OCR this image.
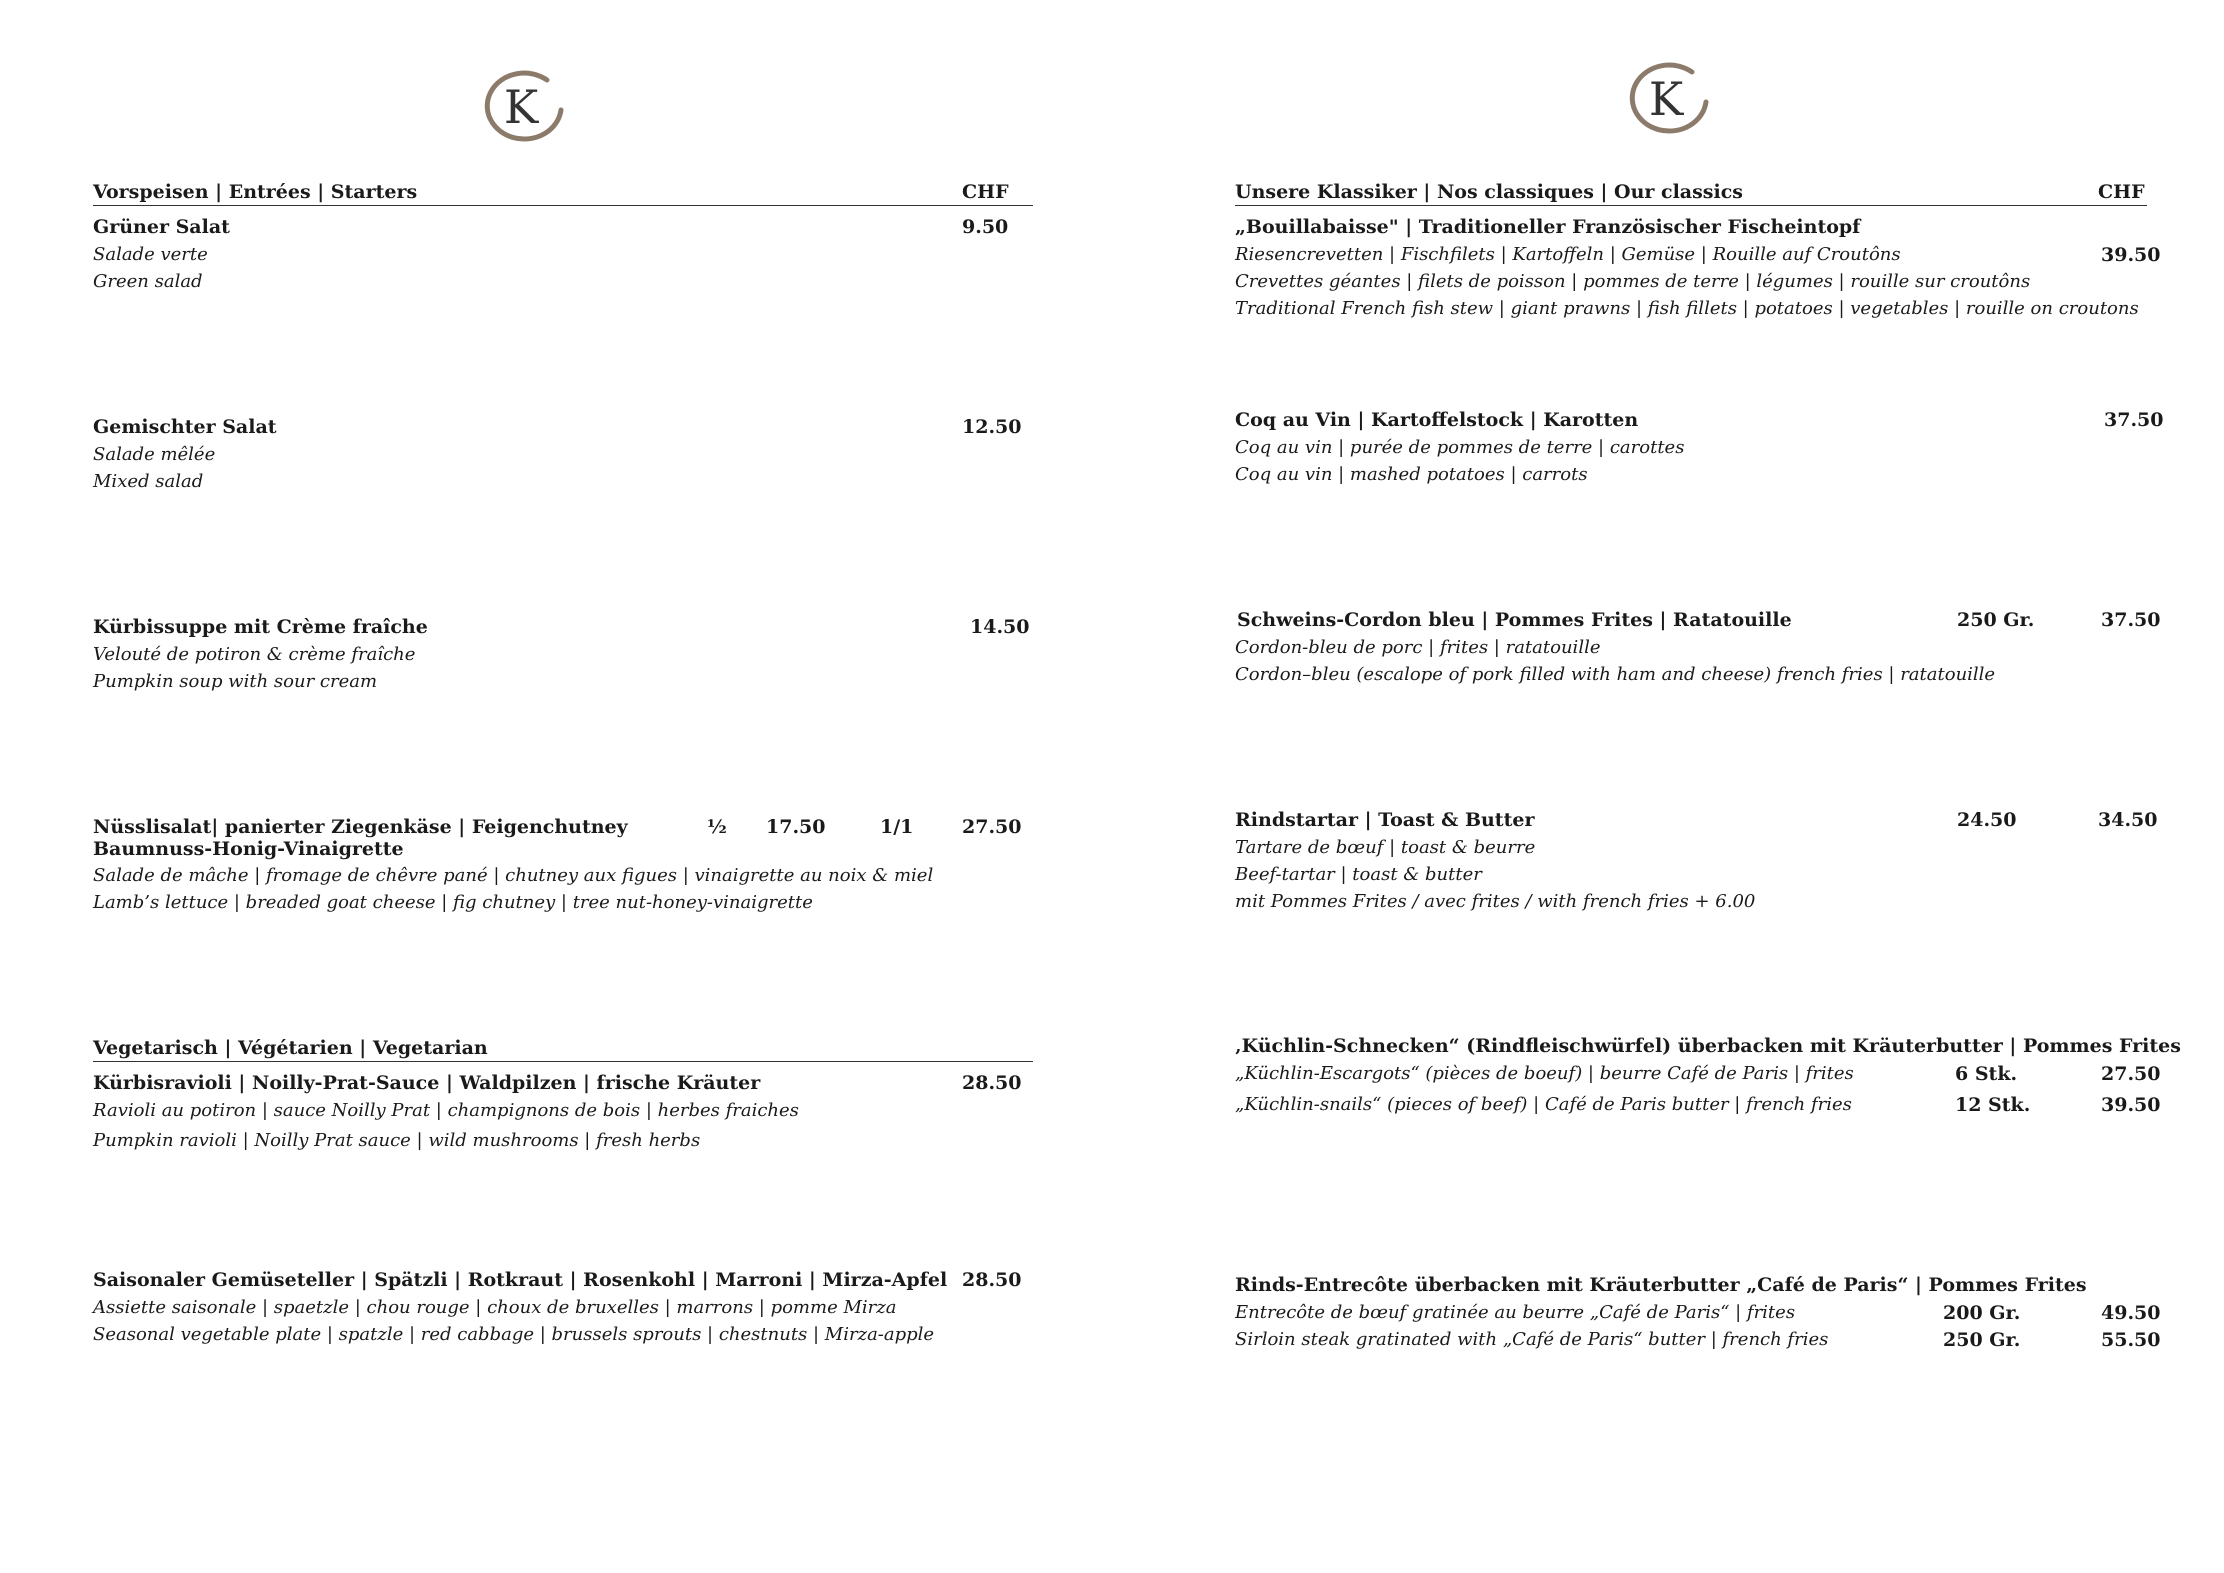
K
Vorspeisen | Entrées | Starters	CHF
Grüner Salat	9.50
Salade verte
Green salad
Gemischter Salat	12.50
Salade mêlée
Mixed salad
Kürbissuppe mit Crème fraîche	14.50
Velouté de potiron & crème fraîche
Pumpkin soup with sour cream
Nüsslisalat| panierter Ziegenkäse | Feigenchutney
Baumnuss-Honig-Vinaigrette
½ 17.50	1/1	27.50
Salade de mâche | fromage de chêvre pané | chutney aux figues | vinaigrette au noix & miel
Lamb’s lettuce | breaded goat cheese | fig chutney | tree nut-honey-vinaigrette
Vegetarisch | Végétarien | Vegetarian
Kürbisravioli | Noilly-Prat-Sauce | Waldpilzen | frische Kräuter	28.50
Ravioli au potiron | sauce Noilly Prat | champignons de bois | herbes fraiches
Pumpkin ravioli | Noilly Prat sauce | wild mushrooms | fresh herbs
Saisonaler Gemüseteller | Spätzli | Rotkraut | Rosenkohl | Marroni | Mirza-Apfel 28.50
Assiette saisonale | spaetzle | chou rouge | choux de bruxelles | marrons | pomme Mirza
Seasonal vegetable plate | spatzle | red cabbage | brussels sprouts | chestnuts | Mirza-apple
K
Unsere Klassiker | Nos classiques | Our classics	CHF
„Bouillabaisse" | Traditioneller Französischer Fischeintopf
Riesencrevetten | Fischfilets | Kartoffeln | Gemüse | Rouille auf Croutôns	39.50
Crevettes géantes | filets de poisson | pommes de terre | légumes | rouille sur croutôns
Traditional French fish stew | giant prawns | fish fillets | potatoes | vegetables | rouille on croutons
Coq au Vin | Kartoffelstock | Karotten	37.50
Coq au vin | purée de pommes de terre | carottes
Coq au vin | mashed potatoes | carrots
Schweins-Cordon bleu | Pommes Frites | Ratatouille	250 Gr.	37.50
Cordon-bleu de porc | frites | ratatouille
Cordon–bleu (escalope of pork filled with ham and cheese) french fries | ratatouille
Rindstartar | Toast & Butter	24.50	34.50
Tartare de bœuf | toast & beurre
Beef-tartar | toast & butter
mit Pommes Frites / avec frites / with french fries + 6.00
‚Küchlin-Schnecken“ (Rindfleischwürfel) überbacken mit Kräuterbutter | Pommes Frites
„Küchlin-Escargots“ (pièces de boeuf) | beurre Café de Paris | frites	6 Stk.	27.50
„Küchlin-snails“ (pieces of beef) | Café de Paris butter | french fries	12 Stk.	39.50
Rinds-Entrecôte überbacken mit Kräuterbutter „Café de Paris“ | Pommes Frites
Entrecôte de bœuf gratinée au beurre „Café de Paris“ | frites	200 Gr.	49.50
Sirloin steak gratinated with „Café de Paris“ butter | french fries	250 Gr.	55.50
